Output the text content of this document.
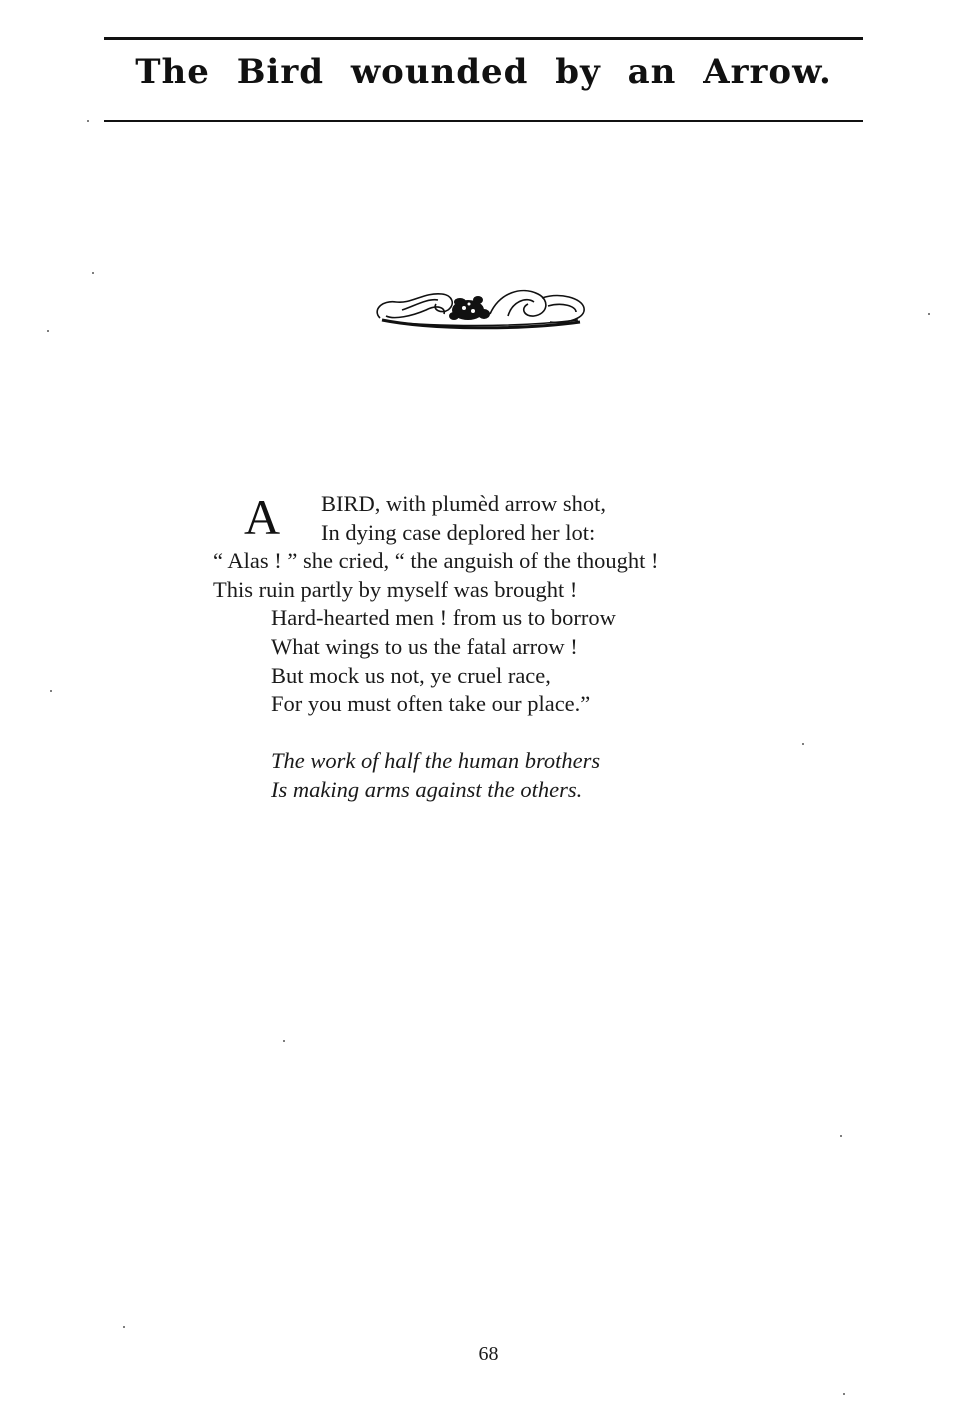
The Bird wounded by an Arrow.
A	BIRD, with plumèd arrow shot,
In dying case deplored her lot:
“ Alas ! ” she cried, “ the anguish of the thought !
This ruin partly by myself was brought !
Hard-hearted men ! from us to borrow
What wings to us the fatal arrow !
But mock us not, ye cruel race,
For you must often take our place.”
The work of half the human brothers
Is making arms against the others.
68
